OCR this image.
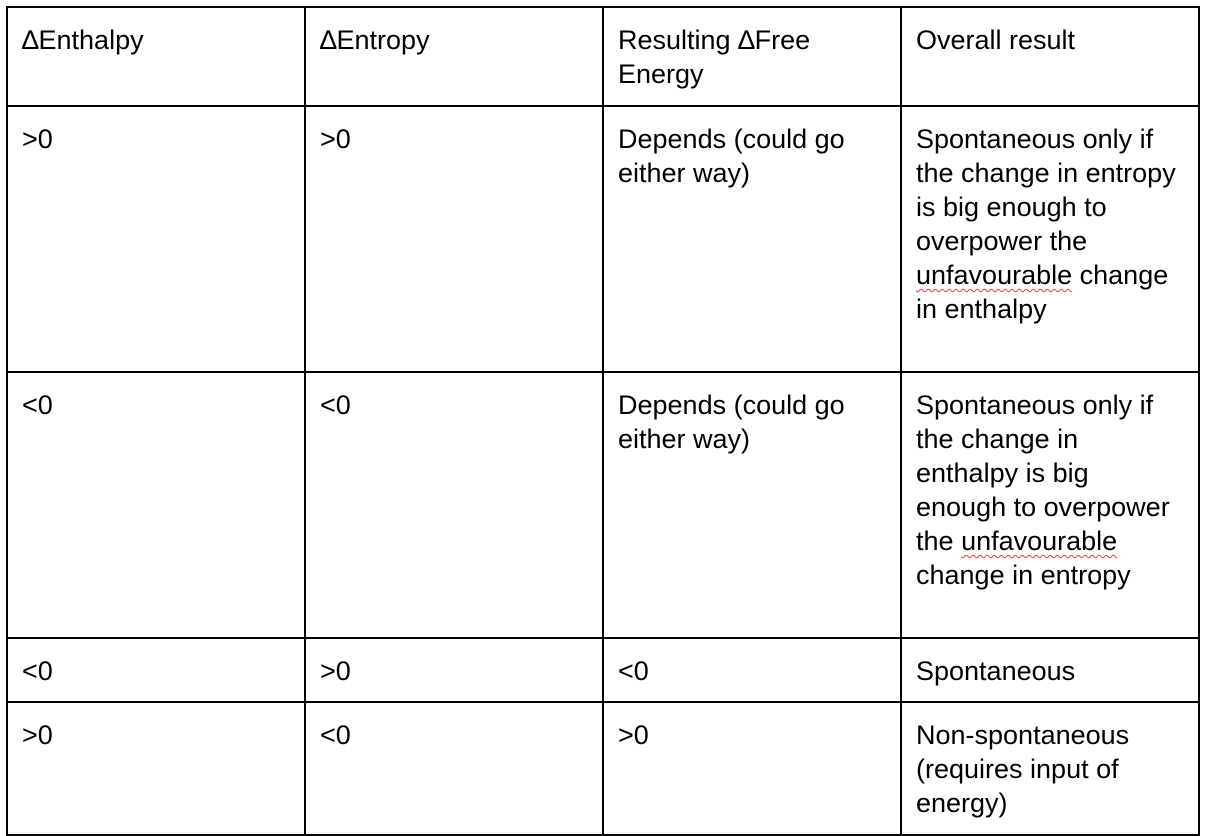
∆Enthalpy	∆Entropy	Resulting ∆Free Energy	Overall result
>0	>0	Depends (could go either way)	Spontaneous only if the change in entropy is big enough to overpower the unfavourable change in enthalpy
<0	<0	Depends (could go either way)	Spontaneous only if the change in enthalpy is big enough to overpower the unfavourable change in entropy
<0	>0	<0	Spontaneous
>0	<0	>0	Non-spontaneous (requires input of energy)
